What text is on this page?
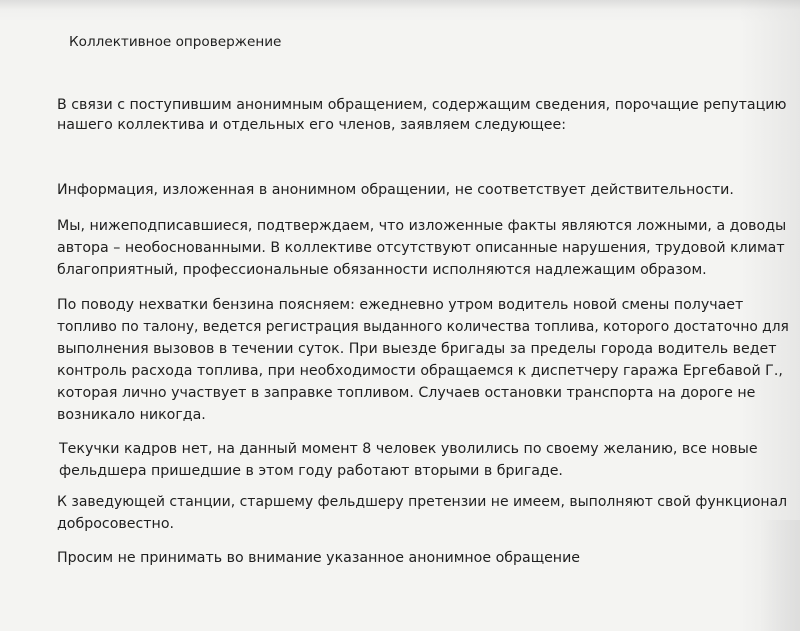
Коллективное опровержение
В связи с поступившим анонимным обращением, содержащим сведения, порочащие репутацию
нашего коллектива и отдельных его членов, заявляем следующее:
Информация, изложенная в анонимном обращении, не соответствует действительности.
Мы, нижеподписавшиеся, подтверждаем, что изложенные факты являются ложными, а доводы
автора – необоснованными. В коллективе отсутствуют описанные нарушения, трудовой климат
благоприятный, профессиональные обязанности исполняются надлежащим образом.
По поводу нехватки бензина поясняем: ежедневно утром водитель новой смены получает
топливо по талону, ведется регистрация выданного количества топлива, которого достаточно для
выполнения вызовов в течении суток. При выезде бригады за пределы города водитель ведет
контроль расхода топлива, при необходимости обращаемся к диспетчеру гаража Ергебавой Г.,
которая лично участвует в заправке топливом. Случаев остановки транспорта на дороге не
возникало никогда.
Текучки кадров нет, на данный момент 8 человек уволились по своему желанию, все новые
фельдшера пришедшие в этом году работают вторыми в бригаде.
К заведующей станции, старшему фельдшеру претензии не имеем, выполняют свой функционал
добросовестно.
Просим не принимать во внимание указанное анонимное обращение
